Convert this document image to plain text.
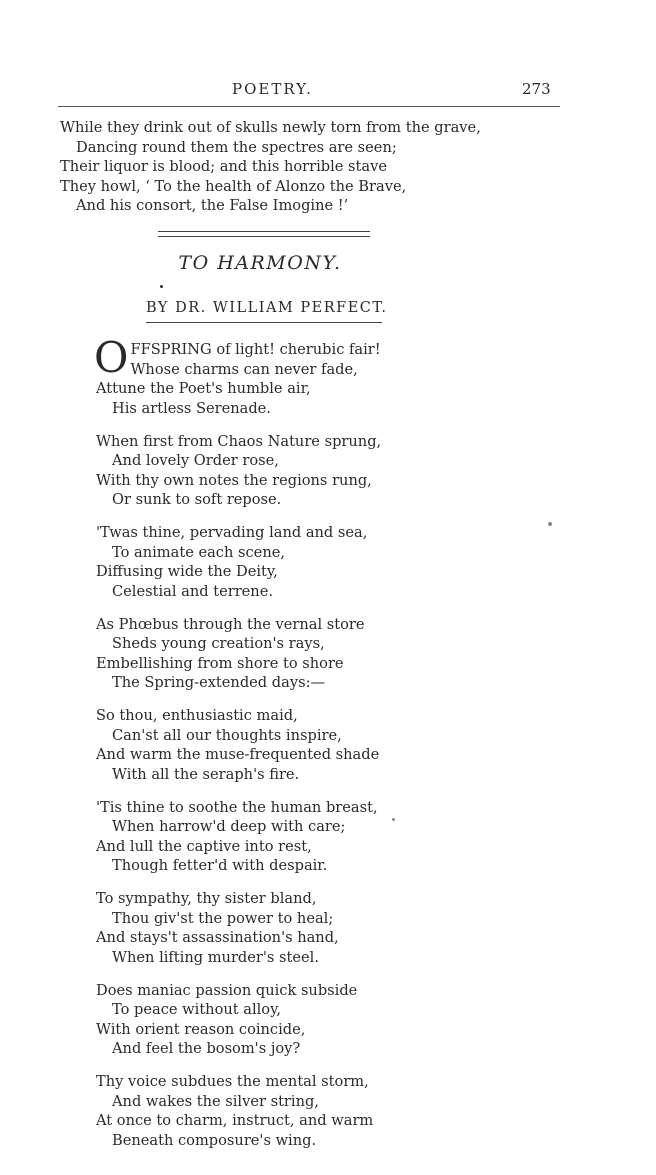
POETRY.	273

While they drink out of skulls newly torn from the grave,

Dancing round them the spectres are seen;

Their liquor is blood; and this horrible stave

They howl, ‘ To the health of Alonzo the Brave,

And his consort, the False Imogine !’

TO HARMONY.
BY DR. WILLIAM PERFECT.
O FFSPRING of light! cherubic fair!

Whose charms can never fade,

Attune the Poet's humble air,

His artless Serenade.

When first from Chaos Nature sprung,

And lovely Order rose,

With thy own notes the regions rung,

Or sunk to soft repose.

'Twas thine, pervading land and sea,

To animate each scene,

Diffusing wide the Deity,

Celestial and terrene.

As Phœbus through the vernal store

Sheds young creation's rays,

Embellishing from shore to shore

The Spring-extended days:—

So thou, enthusiastic maid,

Can'st all our thoughts inspire,

And warm the muse-frequented shade

With all the seraph's fire.

'Tis thine to soothe the human breast,

When harrow'd deep with care;

And lull the captive into rest,

Though fetter'd with despair.

To sympathy, thy sister bland,

Thou giv'st the power to heal;

And stays't assassination's hand,

When lifting murder's steel.

Does maniac passion quick subside

To peace without alloy,

With orient reason coincide,

And feel the bosom's joy?

Thy voice subdues the mental storm,

And wakes the silver string,

At once to charm, instruct, and warm

Beneath composure's wing.
